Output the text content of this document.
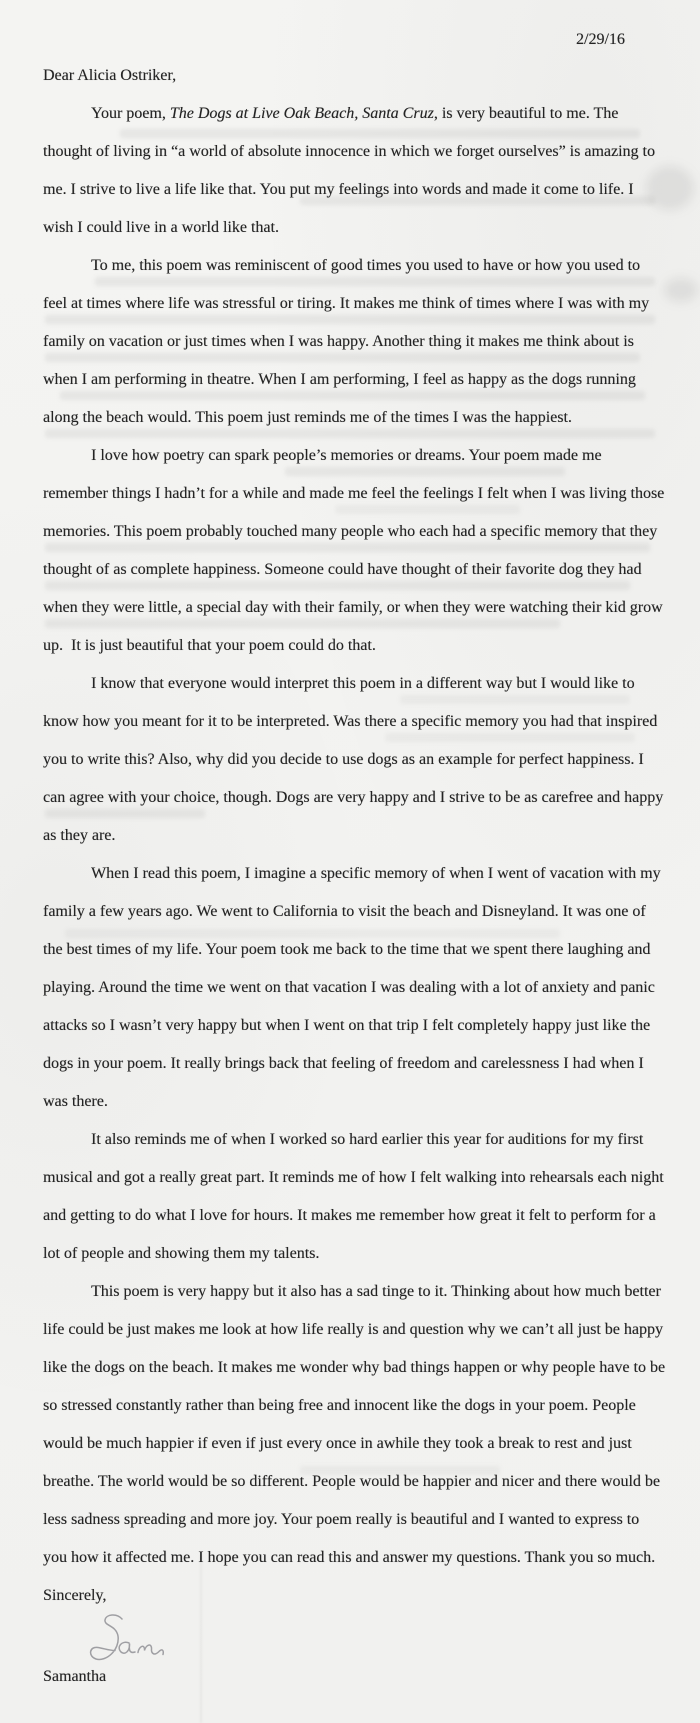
2/29/16
Dear Alicia Ostriker,
Your poem, The Dogs at Live Oak Beach, Santa Cruz, is very beautiful to me. The
thought of living in “a world of absolute innocence in which we forget ourselves” is amazing to
me. I strive to live a life like that. You put my feelings into words and made it come to life. I
wish I could live in a world like that.
To me, this poem was reminiscent of good times you used to have or how you used to
feel at times where life was stressful or tiring. It makes me think of times where I was with my
family on vacation or just times when I was happy. Another thing it makes me think about is
when I am performing in theatre. When I am performing, I feel as happy as the dogs running
along the beach would. This poem just reminds me of the times I was the happiest.
I love how poetry can spark people’s memories or dreams. Your poem made me
remember things I hadn’t for a while and made me feel the feelings I felt when I was living those
memories. This poem probably touched many people who each had a specific memory that they
thought of as complete happiness. Someone could have thought of their favorite dog they had
when they were little, a special day with their family, or when they were watching their kid grow
up.  It is just beautiful that your poem could do that.
I know that everyone would interpret this poem in a different way but I would like to
know how you meant for it to be interpreted. Was there a specific memory you had that inspired
you to write this? Also, why did you decide to use dogs as an example for perfect happiness. I
can agree with your choice, though. Dogs are very happy and I strive to be as carefree and happy
as they are.
When I read this poem, I imagine a specific memory of when I went of vacation with my
family a few years ago. We went to California to visit the beach and Disneyland. It was one of
the best times of my life. Your poem took me back to the time that we spent there laughing and
playing. Around the time we went on that vacation I was dealing with a lot of anxiety and panic
attacks so I wasn’t very happy but when I went on that trip I felt completely happy just like the
dogs in your poem. It really brings back that feeling of freedom and carelessness I had when I
was there.
It also reminds me of when I worked so hard earlier this year for auditions for my first
musical and got a really great part. It reminds me of how I felt walking into rehearsals each night
and getting to do what I love for hours. It makes me remember how great it felt to perform for a
lot of people and showing them my talents.
This poem is very happy but it also has a sad tinge to it. Thinking about how much better
life could be just makes me look at how life really is and question why we can’t all just be happy
like the dogs on the beach. It makes me wonder why bad things happen or why people have to be
so stressed constantly rather than being free and innocent like the dogs in your poem. People
would be much happier if even if just every once in awhile they took a break to rest and just
breathe. The world would be so different. People would be happier and nicer and there would be
less sadness spreading and more joy. Your poem really is beautiful and I wanted to express to
you how it affected me. I hope you can read this and answer my questions. Thank you so much.
Sincerely,
Samantha
